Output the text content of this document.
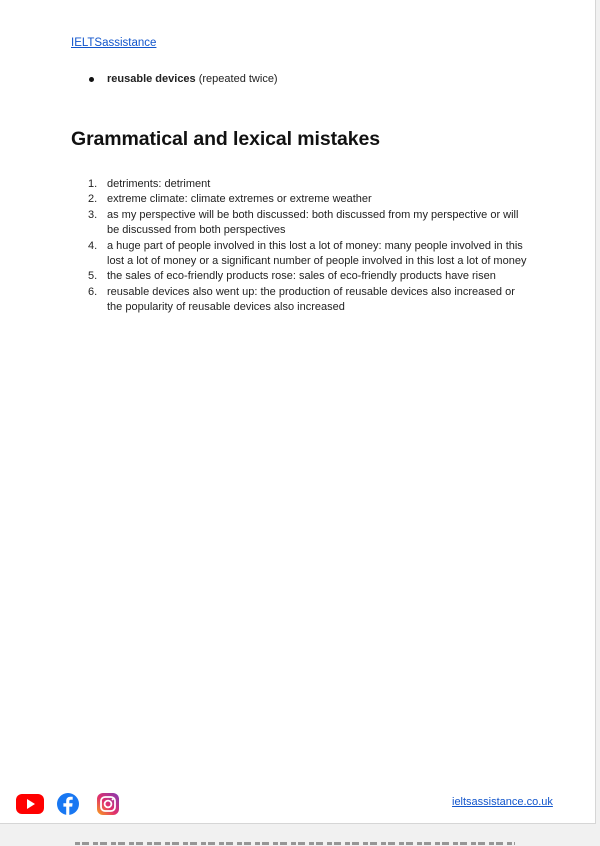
IELTSassistance
reusable devices (repeated twice)
Grammatical and lexical mistakes
1. detriments: detriment
2. extreme climate: climate extremes or extreme weather
3. as my perspective will be both discussed: both discussed from my perspective or will be discussed from both perspectives
4. a huge part of people involved in this lost a lot of money: many people involved in this lost a lot of money or a significant number of people involved in this lost a lot of money
5. the sales of eco-friendly products rose: sales of eco-friendly products have risen
6. reusable devices also went up: the production of reusable devices also increased or the popularity of reusable devices also increased
ieltsassistance.co.uk
